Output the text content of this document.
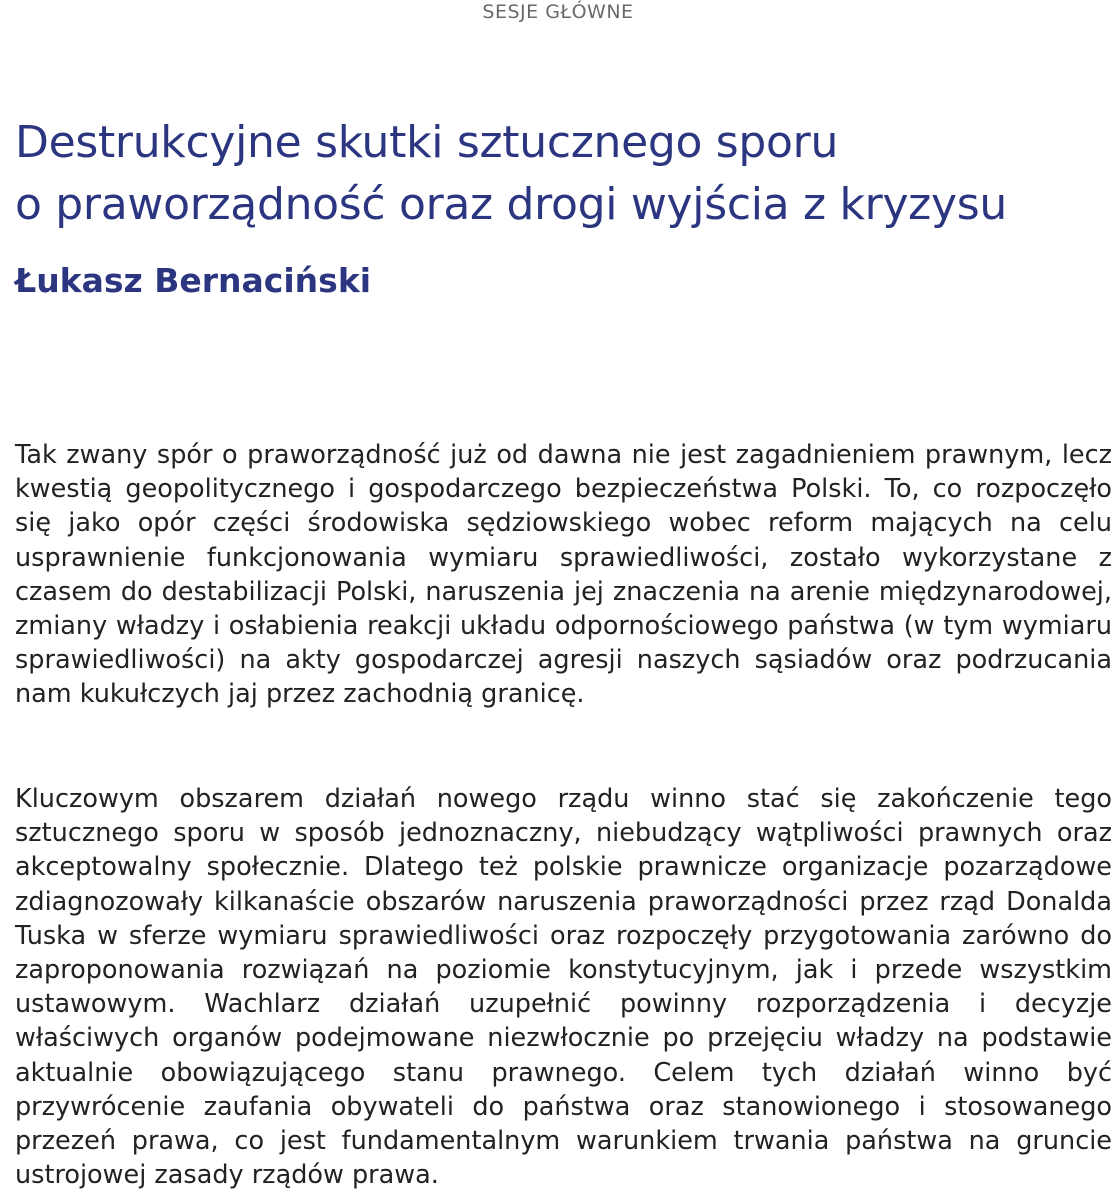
SESJE GŁÓWNE
Destrukcyjne skutki sztucznego sporu
o praworządność oraz drogi wyjścia z kryzysu
Łukasz Bernaciński

Tak zwany spór o praworządność już od dawna nie jest zagadnieniem prawnym, lecz kwestią geopolitycznego i gospodarczego bezpieczeństwa Polski. To, co rozpoczęło się jako opór części środowiska sędziowskiego wobec reform mających na celu usprawnienie funkcjonowania wymiaru sprawiedliwości, zostało wykorzystane z czasem do destabilizacji Polski, naruszenia jej znaczenia na arenie międzynarodowej, zmiany władzy i osłabienia reakcji układu odpornościowego państwa (w tym wymiaru sprawiedliwości) na akty gospodarczej agresji naszych sąsiadów oraz podrzucania nam kukułczych jaj przez zachodnią granicę.

Kluczowym obszarem działań nowego rządu winno stać się zakończenie tego sztucznego sporu w sposób jednoznaczny, niebudzący wątpliwości prawnych oraz akceptowalny społecznie. Dlatego też polskie prawnicze organizacje pozarządowe zdiagnozowały kilkanaście obszarów naruszenia praworządności przez rząd Donalda Tuska w sferze wymiaru sprawiedliwości oraz rozpoczęły przygotowania zarówno do zaproponowania rozwiązań na poziomie konstytucyjnym, jak i przede wszystkim ustawowym. Wachlarz działań uzupełnić powinny rozporządzenia i decyzje właściwych organów podejmowane niezwłocznie po przejęciu władzy na podstawie aktualnie obowiązującego stanu prawnego. Celem tych działań winno być przywrócenie zaufania obywateli do państwa oraz stanowionego i stosowanego przezeń prawa, co jest fundamentalnym warunkiem trwania państwa na gruncie ustrojowej zasady rządów prawa.
